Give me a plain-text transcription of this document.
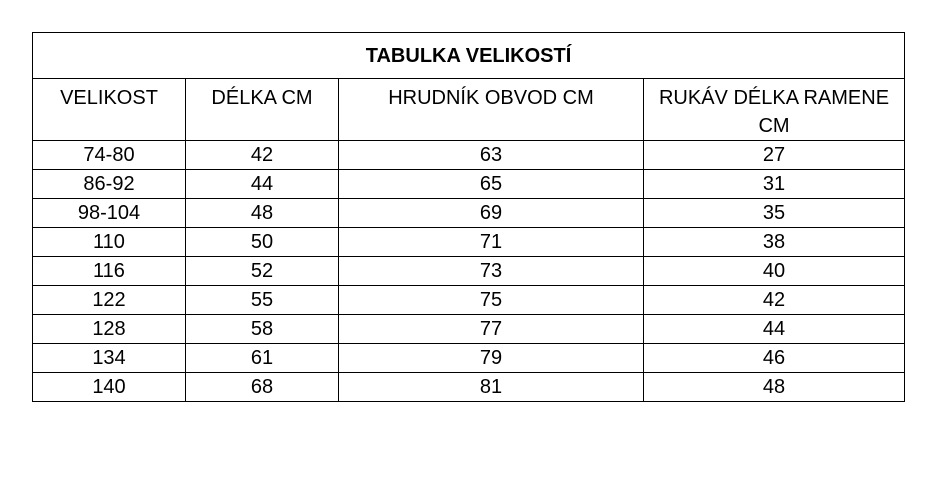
TABULKA VELIKOSTÍ			
VELIKOST	DÉLKA CM	HRUDNÍK OBVOD CM	RUKÁV DÉLKA RAMENE CM
74-80	42	63	27
86-92	44	65	31
98-104	48	69	35
110	50	71	38
116	52	73	40
122	55	75	42
128	58	77	44
134	61	79	46
140	68	81	48
